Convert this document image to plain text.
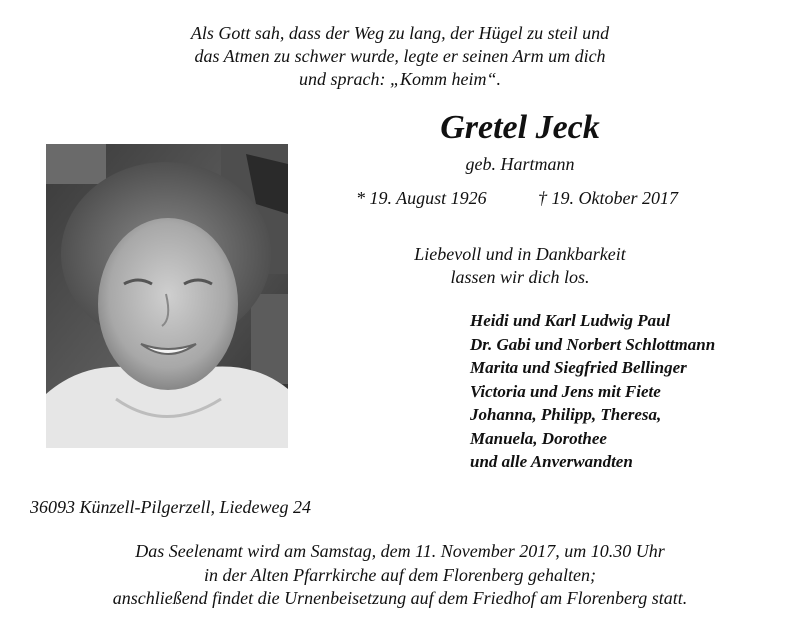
Als Gott sah, dass der Weg zu lang, der Hügel zu steil und
das Atmen zu schwer wurde, legte er seinen Arm um dich
und sprach: „Komm heim“.
Gretel Jeck
geb. Hartmann
* 19. August 1926	† 19. Oktober 2017
Liebevoll und in Dankbarkeit
lassen wir dich los.
Heidi und Karl Ludwig Paul
Dr. Gabi und Norbert Schlottmann
Marita und Siegfried Bellinger
Victoria und Jens mit Fiete
Johanna, Philipp, Theresa,
Manuela, Dorothee
und alle Anverwandten
36093 Künzell-Pilgerzell, Liedeweg 24
Das Seelenamt wird am Samstag, dem 11. November 2017, um 10.30 Uhr
in der Alten Pfarrkirche auf dem Florenberg gehalten;
anschließend findet die Urnenbeisetzung auf dem Friedhof am Florenberg statt.
